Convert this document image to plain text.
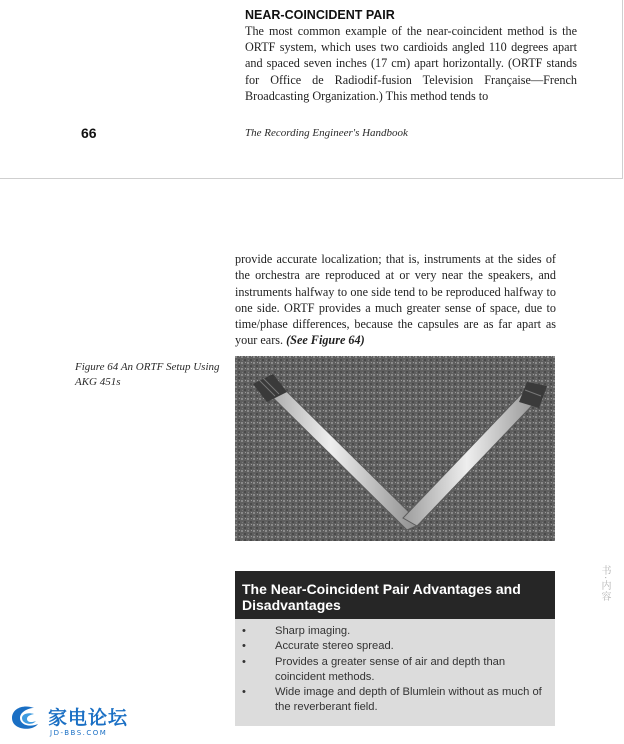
NEAR-COINCIDENT PAIR
The most common example of the near-coincident method is the ORTF system, which uses two cardioids angled 110 degrees apart and spaced seven inches (17 cm) apart horizontally. (ORTF stands for Office de Radiodif-fusion Television Française—French Broadcasting Organization.) This method tends to
66	The Recording Engineer's Handbook
provide accurate localization; that is, instruments at the sides of the orchestra are reproduced at or very near the speakers, and instruments halfway to one side tend to be reproduced halfway to one side. ORTF provides a much greater sense of space, due to time/phase differences, because the capsules are as far apart as your ears. (See Figure 64)
Figure 64 An ORTF Setup Using AKG 451s
The Near-Coincident Pair Advantages and Disadvantages
•	Sharp imaging.
•	Accurate stereo spread.
•	Provides a greater sense of air and depth than coincident methods.
•	Wide image and depth of Blumlein without as much of the reverberant field.
书·内容
家电论坛
JD-BBS.COM
